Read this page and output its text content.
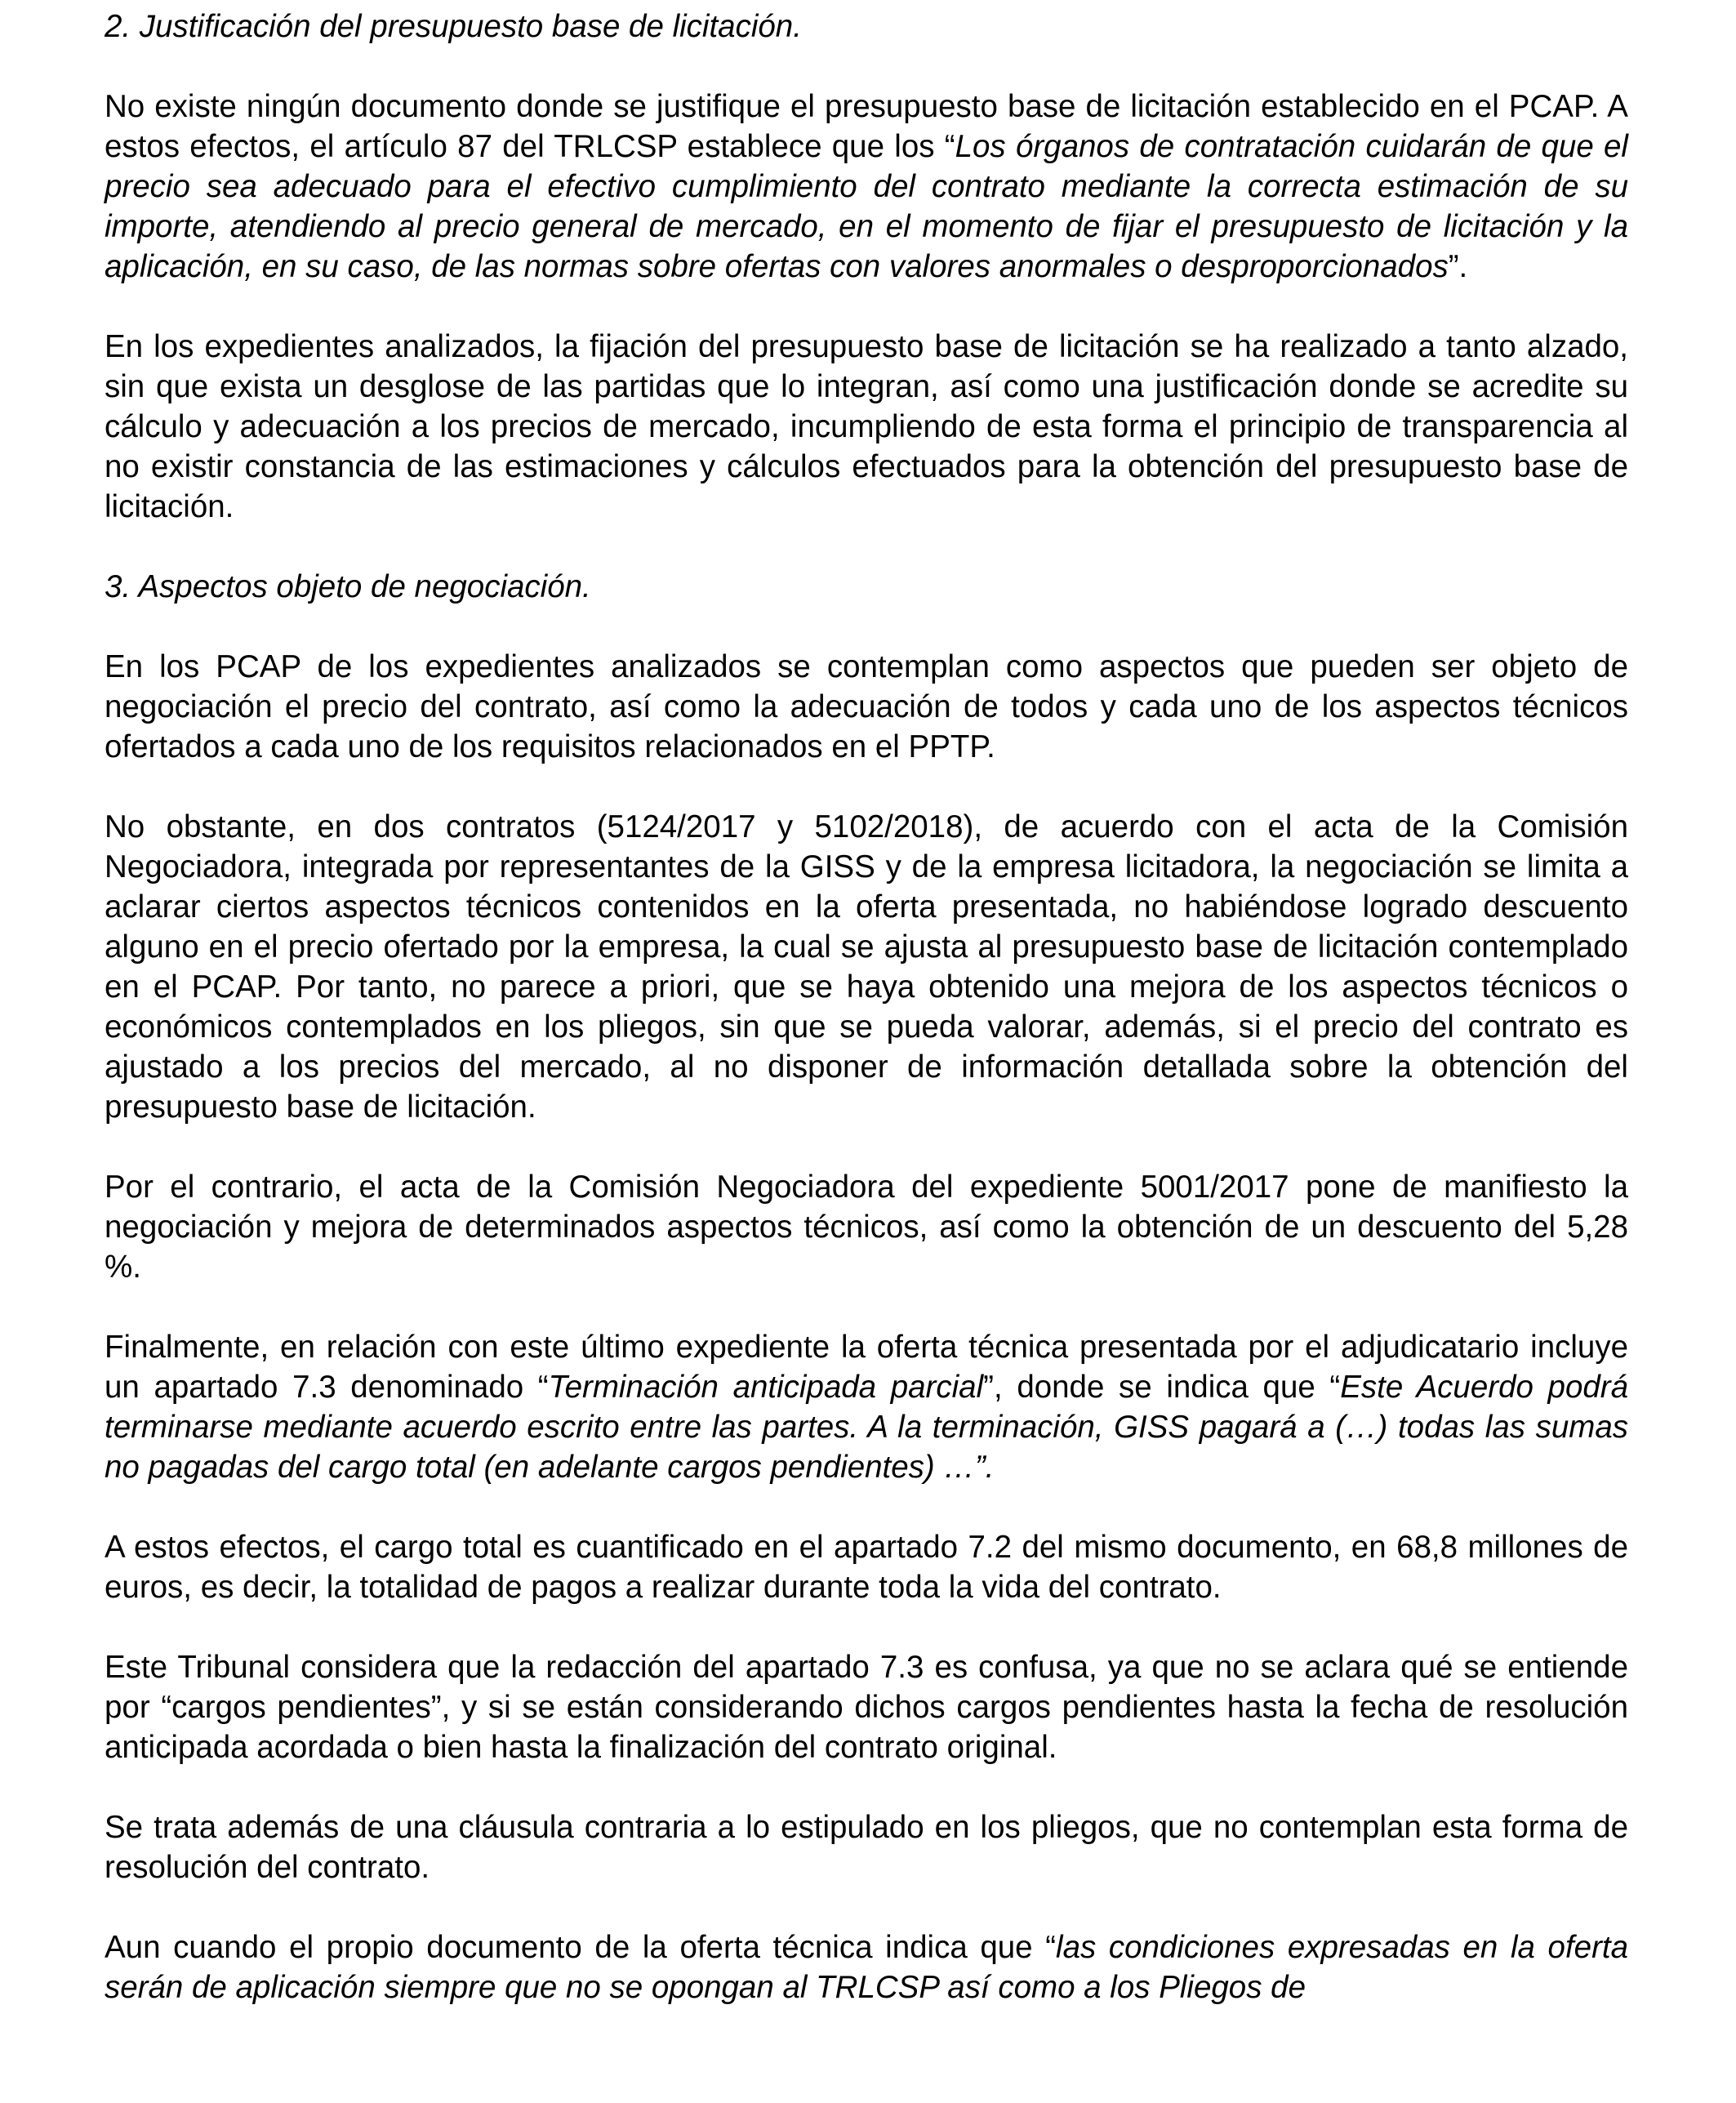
2. Justificación del presupuesto base de licitación.

No existe ningún documento donde se justifique el presupuesto base de licitación establecido en el PCAP. A estos efectos, el artículo 87 del TRLCSP establece que los “Los órganos de contratación cuidarán de que el precio sea adecuado para el efectivo cumplimiento del contrato mediante la correcta estimación de su importe, atendiendo al precio general de mercado, en el momento de fijar el presupuesto de licitación y la aplicación, en su caso, de las normas sobre ofertas con valores anormales o desproporcionados”.

En los expedientes analizados, la fijación del presupuesto base de licitación se ha realizado a tanto alzado, sin que exista un desglose de las partidas que lo integran, así como una justificación donde se acredite su cálculo y adecuación a los precios de mercado, incumpliendo de esta forma el principio de transparencia al no existir constancia de las estimaciones y cálculos efectuados para la obtención del presupuesto base de licitación.

3. Aspectos objeto de negociación.

En los PCAP de los expedientes analizados se contemplan como aspectos que pueden ser objeto de negociación el precio del contrato, así como la adecuación de todos y cada uno de los aspectos técnicos ofertados a cada uno de los requisitos relacionados en el PPTP.

No obstante, en dos contratos (5124/2017 y 5102/2018), de acuerdo con el acta de la Comisión Negociadora, integrada por representantes de la GISS y de la empresa licitadora, la negociación se limita a aclarar ciertos aspectos técnicos contenidos en la oferta presentada, no habiéndose logrado descuento alguno en el precio ofertado por la empresa, la cual se ajusta al presupuesto base de licitación contemplado en el PCAP. Por tanto, no parece a priori, que se haya obtenido una mejora de los aspectos técnicos o económicos contemplados en los pliegos, sin que se pueda valorar, además, si el precio del contrato es ajustado a los precios del mercado, al no disponer de información detallada sobre la obtención del presupuesto base de licitación.

Por el contrario, el acta de la Comisión Negociadora del expediente 5001/2017 pone de manifiesto la negociación y mejora de determinados aspectos técnicos, así como la obtención de un descuento del 5,28 %.

Finalmente, en relación con este último expediente la oferta técnica presentada por el adjudicatario incluye un apartado 7.3 denominado “Terminación anticipada parcial”, donde se indica que “Este Acuerdo podrá terminarse mediante acuerdo escrito entre las partes. A la terminación, GISS pagará a (…) todas las sumas no pagadas del cargo total (en adelante cargos pendientes) …”.

A estos efectos, el cargo total es cuantificado en el apartado 7.2 del mismo documento, en 68,8 millones de euros, es decir, la totalidad de pagos a realizar durante toda la vida del contrato.

Este Tribunal considera que la redacción del apartado 7.3 es confusa, ya que no se aclara qué se entiende por “cargos pendientes”, y si se están considerando dichos cargos pendientes hasta la fecha de resolución anticipada acordada o bien hasta la finalización del contrato original.

Se trata además de una cláusula contraria a lo estipulado en los pliegos, que no contemplan esta forma de resolución del contrato.

Aun cuando el propio documento de la oferta técnica indica que “las condiciones expresadas en la oferta serán de aplicación siempre que no se opongan al TRLCSP así como a los Pliegos de
